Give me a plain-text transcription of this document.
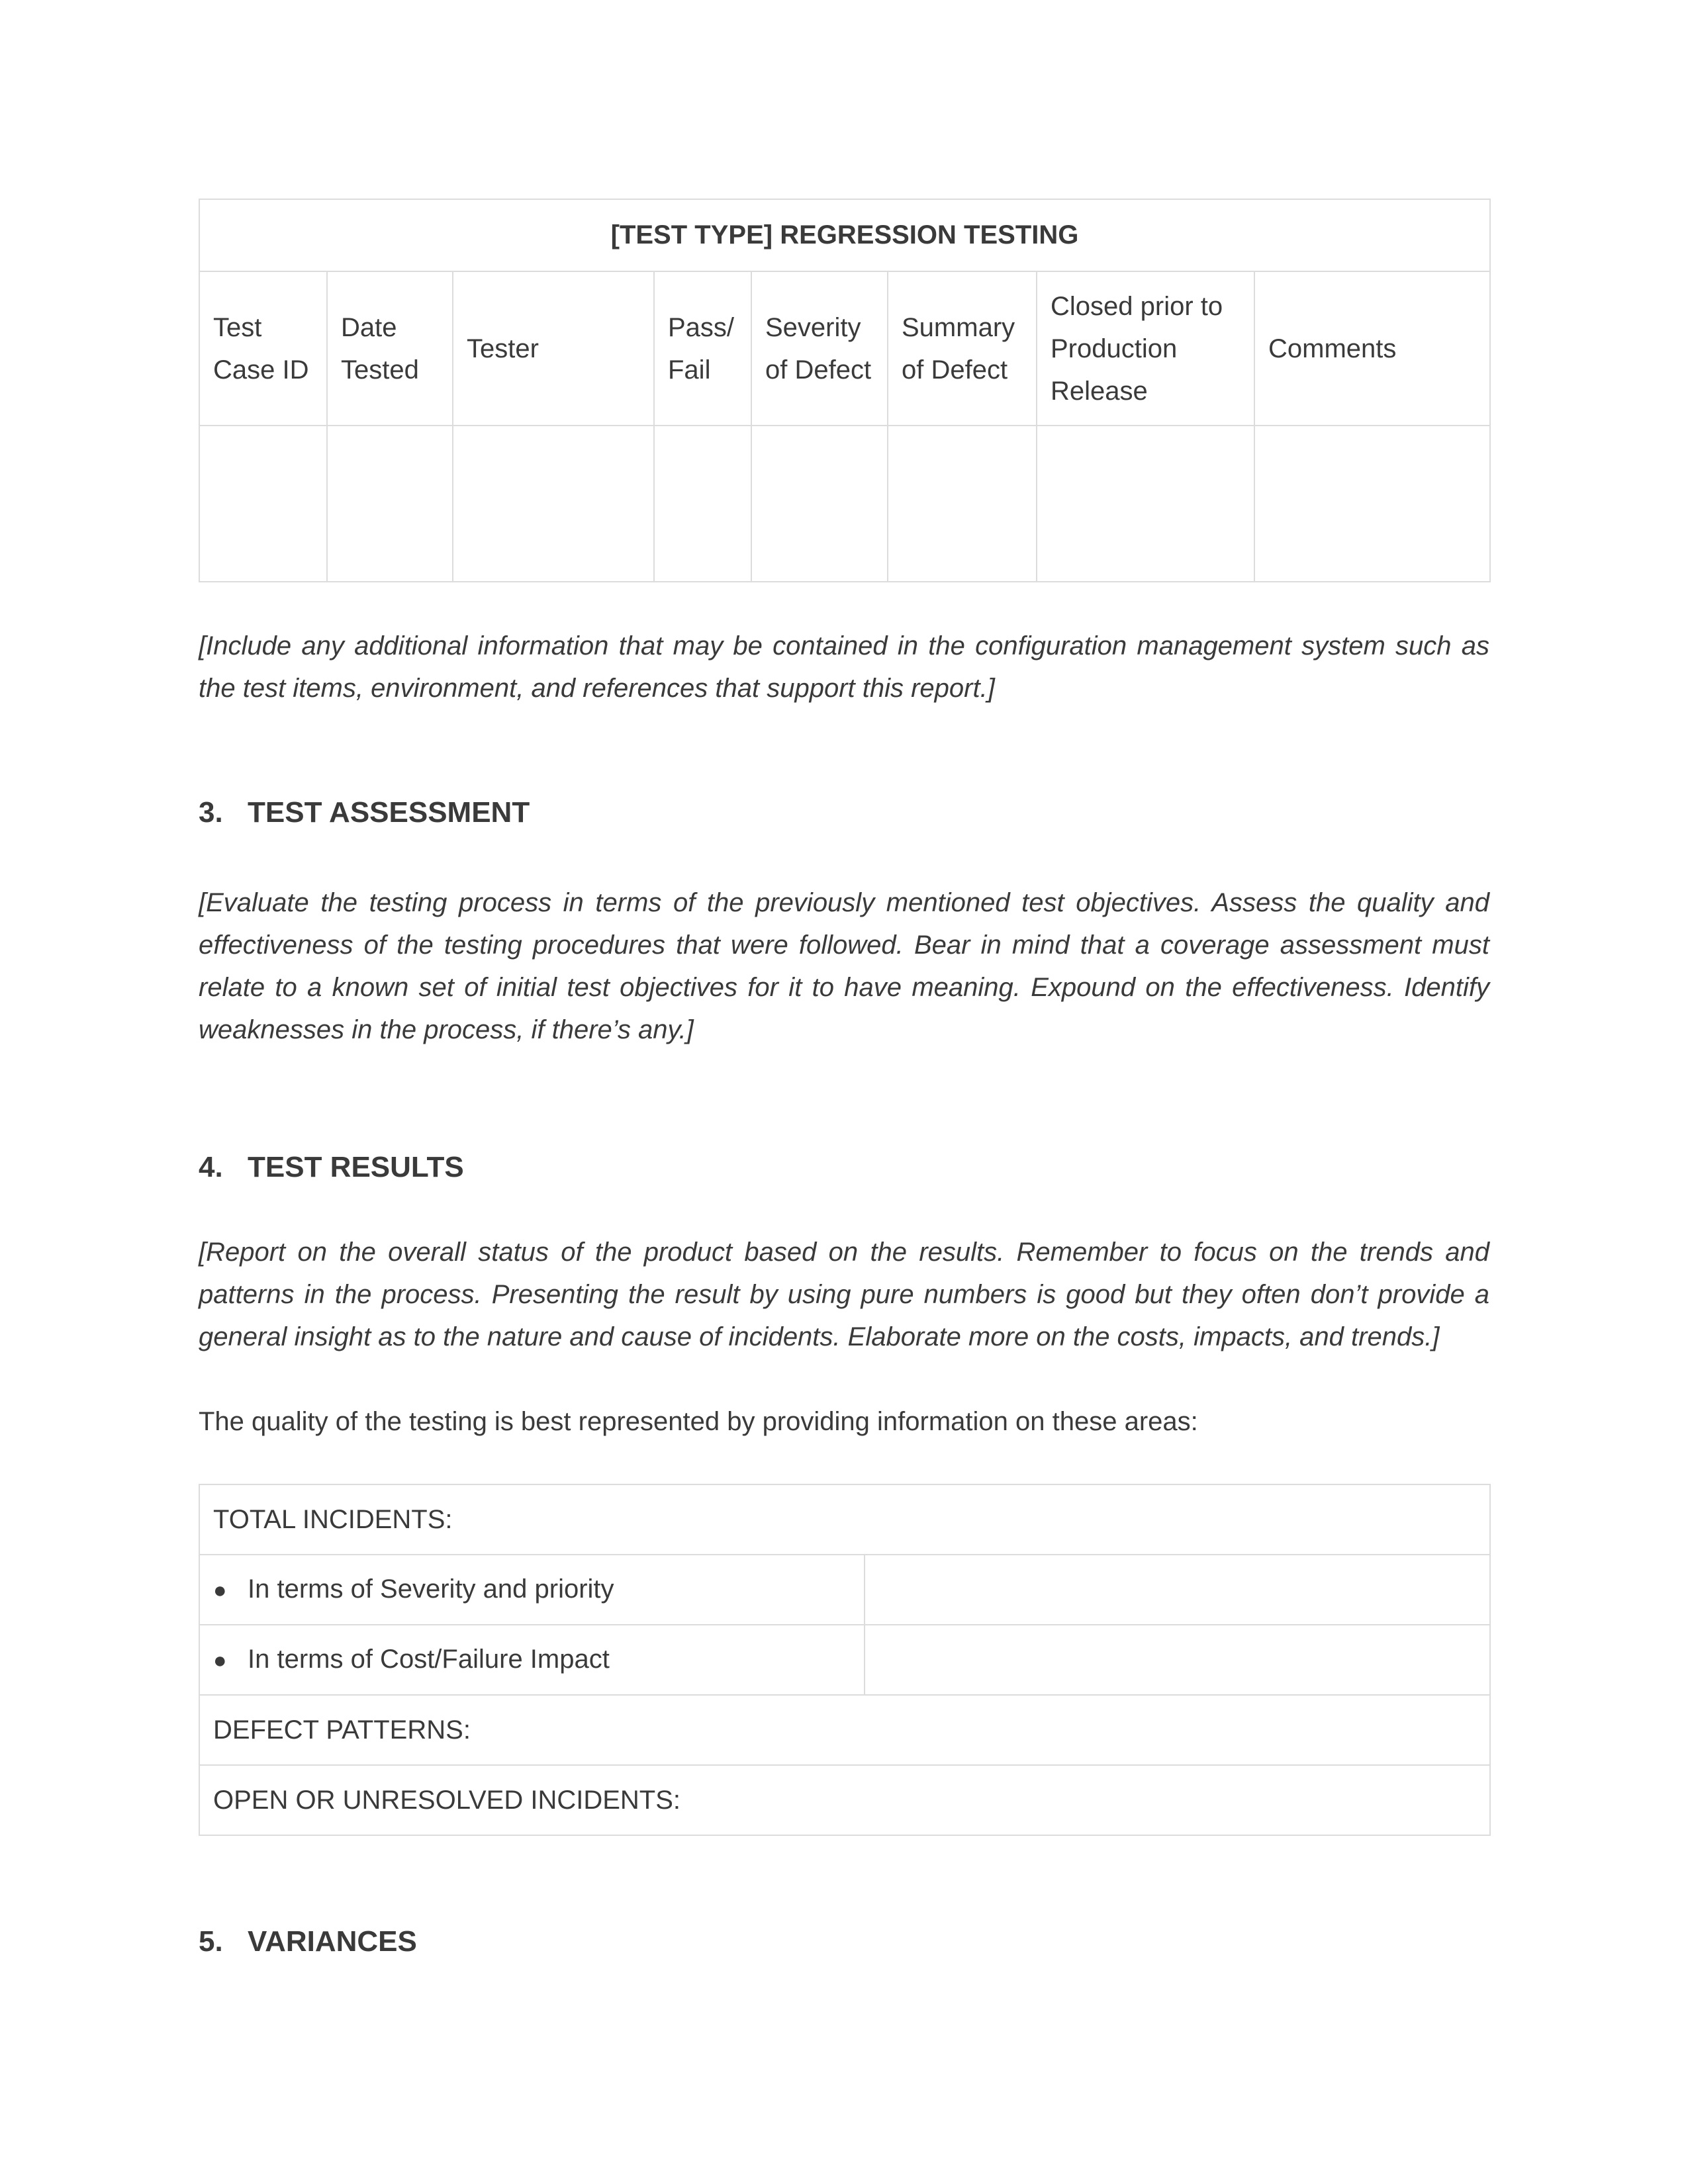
[TEST TYPE] REGRESSION TESTING							
Test Case ID	Date Tested	Tester	Pass/ Fail	Severity of Defect	Summary of Defect	Closed prior to Production Release	Comments

[Include any additional information that may be contained in the configuration management system such as the test items, environment, and references that support this report.]

3. TEST ASSESSMENT

[Evaluate the testing process in terms of the previously mentioned test objectives. Assess the quality and effectiveness of the testing procedures that were followed. Bear in mind that a coverage assessment must relate to a known set of initial test objectives for it to have meaning. Expound on the effectiveness. Identify weaknesses in the process, if there’s any.]

4. TEST RESULTS

[Report on the overall status of the product based on the results. Remember to focus on the trends and patterns in the process. Presenting the result by using pure numbers is good but they often don’t provide a general insight as to the nature and cause of incidents. Elaborate more on the costs, impacts, and trends.]

The quality of the testing is best represented by providing information on these areas:

TOTAL INCIDENTS:	
● In terms of Severity and priority	
● In terms of Cost/Failure Impact	
DEFECT PATTERNS:	
OPEN OR UNRESOLVED INCIDENTS:	
5. VARIANCES
